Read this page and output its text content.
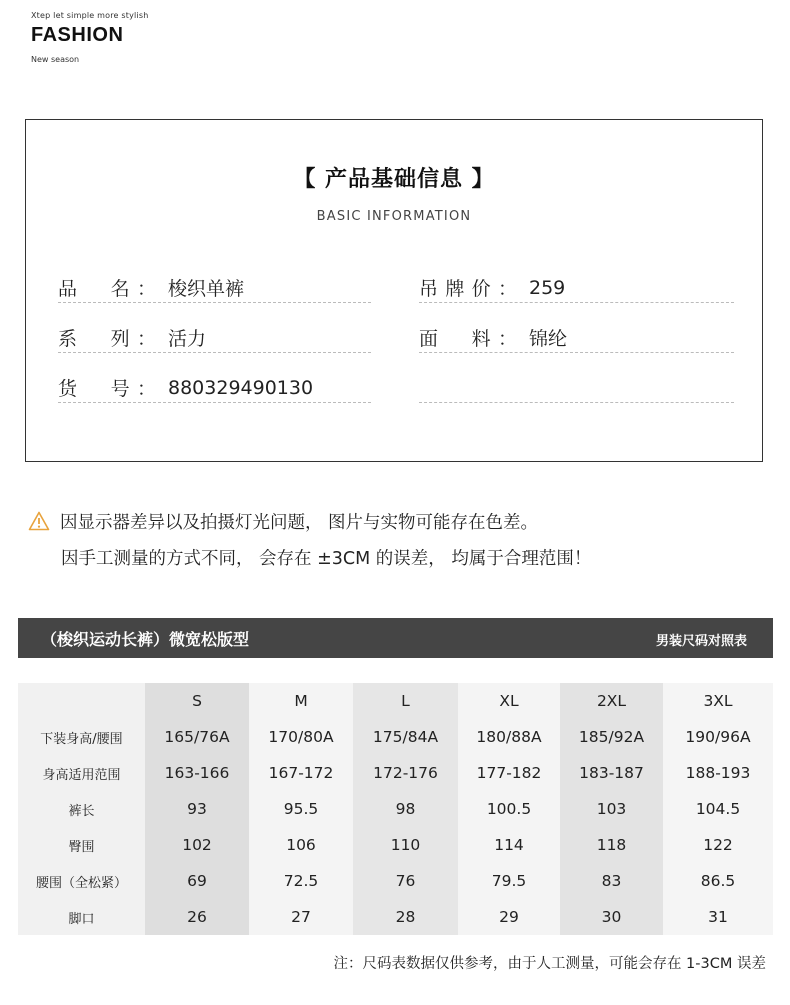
Xtep let simple more stylish
FASHION
New season
【 产品基础信息 】
BASIC INFORMATION
品　名： 梭织单裤
系　列： 活力
货　号： 880329490130
吊牌价： 259
面　料： 锦纶
因显示器差异以及拍摄灯光问题， 图片与实物可能存在色差。
因手工测量的方式不同， 会存在 ±3CM 的误差， 均属于合理范围！
（梭织运动长裤）微宽松版型	男装尺码对照表
	S	M	L	XL	2XL	3XL
下装身高/腰围	165/76A	170/80A	175/84A	180/88A	185/92A	190/96A
身高适用范围	163-166	167-172	172-176	177-182	183-187	188-193
裤长	93	95.5	98	100.5	103	104.5
臀围	102	106	110	114	118	122
腰围（全松紧）	69	72.5	76	79.5	83	86.5
脚口	26	27	28	29	30	31
注：尺码表数据仅供参考，由于人工测量，可能会存在 1-3CM 误差
